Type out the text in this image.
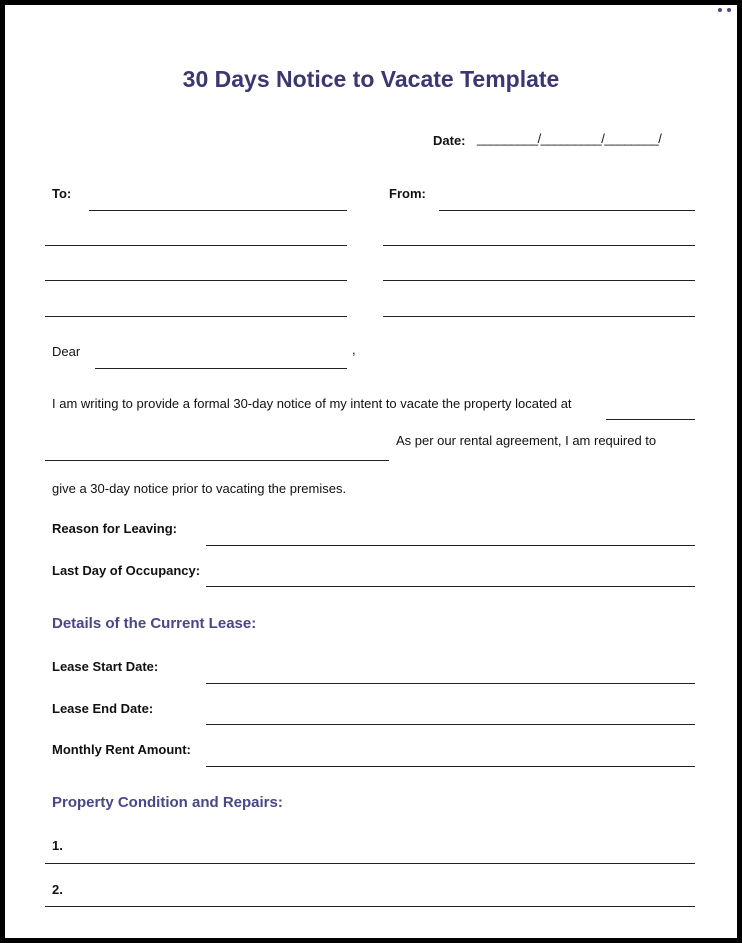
30 Days Notice to Vacate Template
Date: _________/_________/________/
To:	From:
Dear	,
I am writing to provide a formal 30-day notice of my intent to vacate the property located at
As per our rental agreement, I am required to
give a 30-day notice prior to vacating the premises.
Reason for Leaving:
Last Day of Occupancy:
Details of the Current Lease:
Lease Start Date:
Lease End Date:
Monthly Rent Amount:
Property Condition and Repairs:
1.
2.
